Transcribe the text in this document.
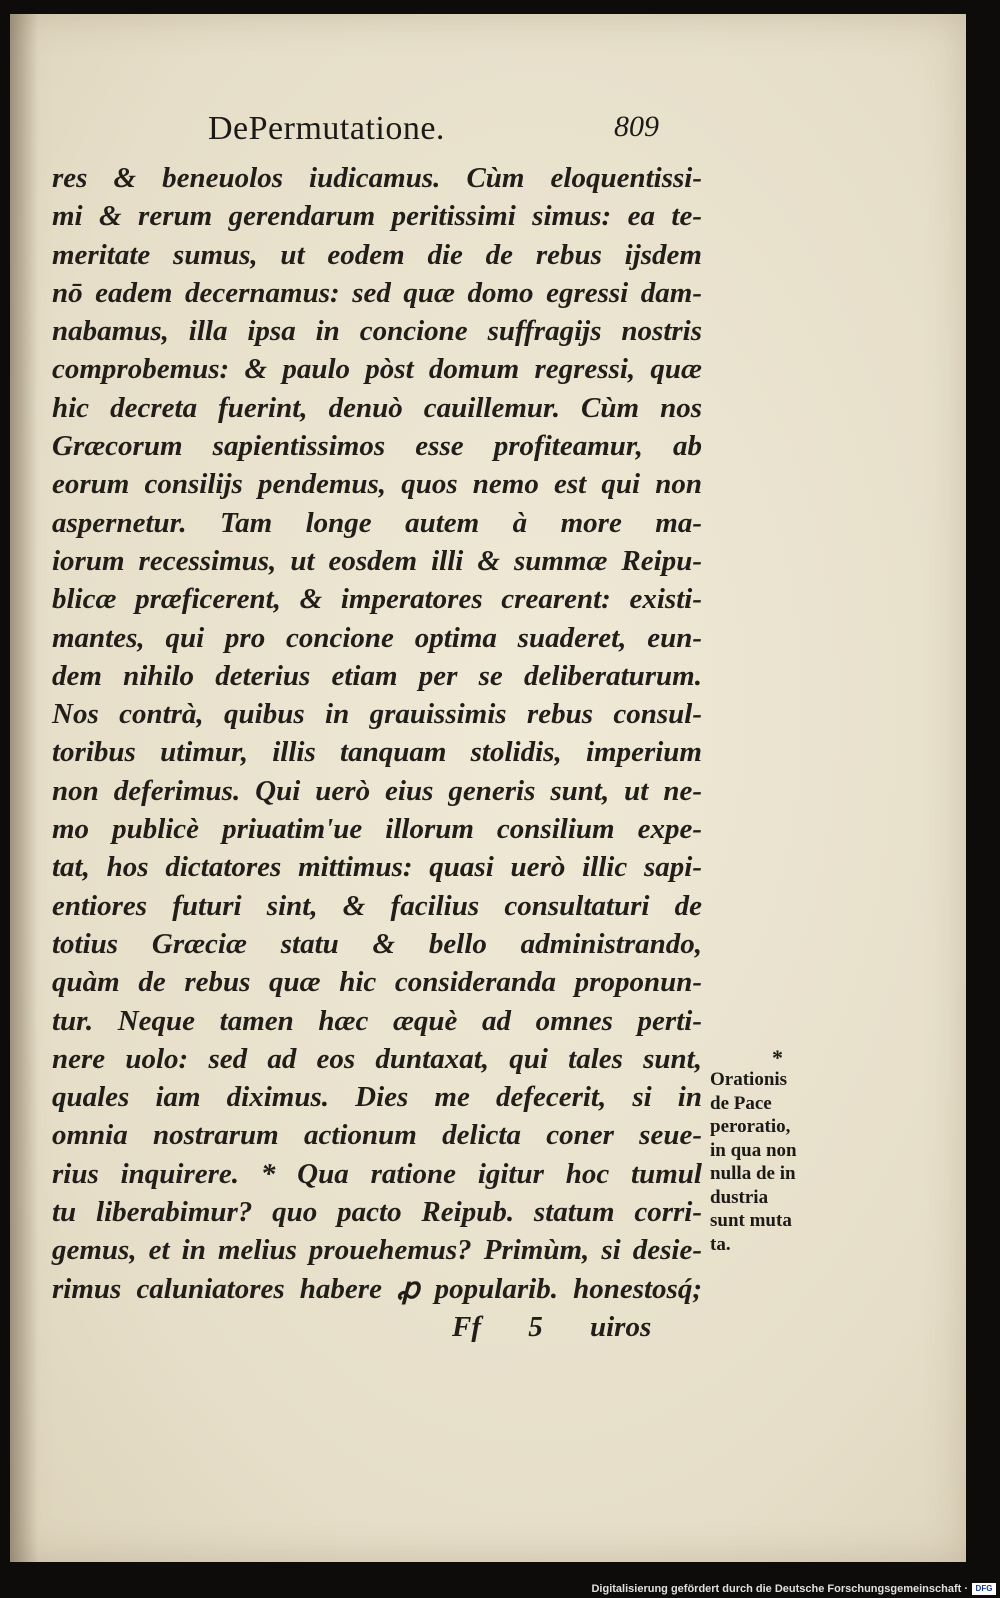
DePermutatione.	809
res & beneuolos iudicamus. Cùm eloquentissi-
mi & rerum gerendarum peritissimi simus: ea te-
meritate sumus, ut eodem die de rebus ijsdem
nō eadem decernamus: sed quæ domo egressi dam-
nabamus, illa ipsa in concione suffragijs nostris
comprobemus: & paulo pòst domum regressi, quæ
hic decreta fuerint, denuò cauillemur. Cùm nos
Græcorum sapientissimos esse profiteamur, ab
eorum consilijs pendemus, quos nemo est qui non
aspernetur. Tam longe autem à more ma-
iorum recessimus, ut eosdem illi & summæ Reipu-
blicæ præficerent, & imperatores crearent: existi-
mantes, qui pro concione optima suaderet, eun-
dem nihilo deterius etiam per se deliberaturum.
Nos contrà, quibus in grauissimis rebus consul-
toribus utimur, illis tanquam stolidis, imperium
non deferimus. Qui uerò eius generis sunt, ut ne-
mo publicè priuatim'ue illorum consilium expe-
tat, hos dictatores mittimus: quasi uerò illic sapi-
entiores futuri sint, & facilius consultaturi de
totius Græciæ statu & bello administrando,
quàm de rebus quæ hic consideranda proponun-
tur. Neque tamen hæc æquè ad omnes perti-
nere uolo: sed ad eos duntaxat, qui tales sunt,
quales iam diximus. Dies me defecerit, si in
omnia nostrarum actionum delicta coner seue-
rius inquirere. * Qua ratione igitur hoc tumul
tu liberabimur? quo pacto Reipub. statum corri-
gemus, et in melius prouehemus? Primùm, si desie-
rimus caluniatores habere ꝓ popularib. honestosq́;
Ff 5 uiros
*
Orationis
de Pace
peroratio,
in qua non
nulla de in
dustria
sunt muta
ta.
Digitalisierung gefördert durch die Deutsche Forschungsgemeinschaft · DFG
